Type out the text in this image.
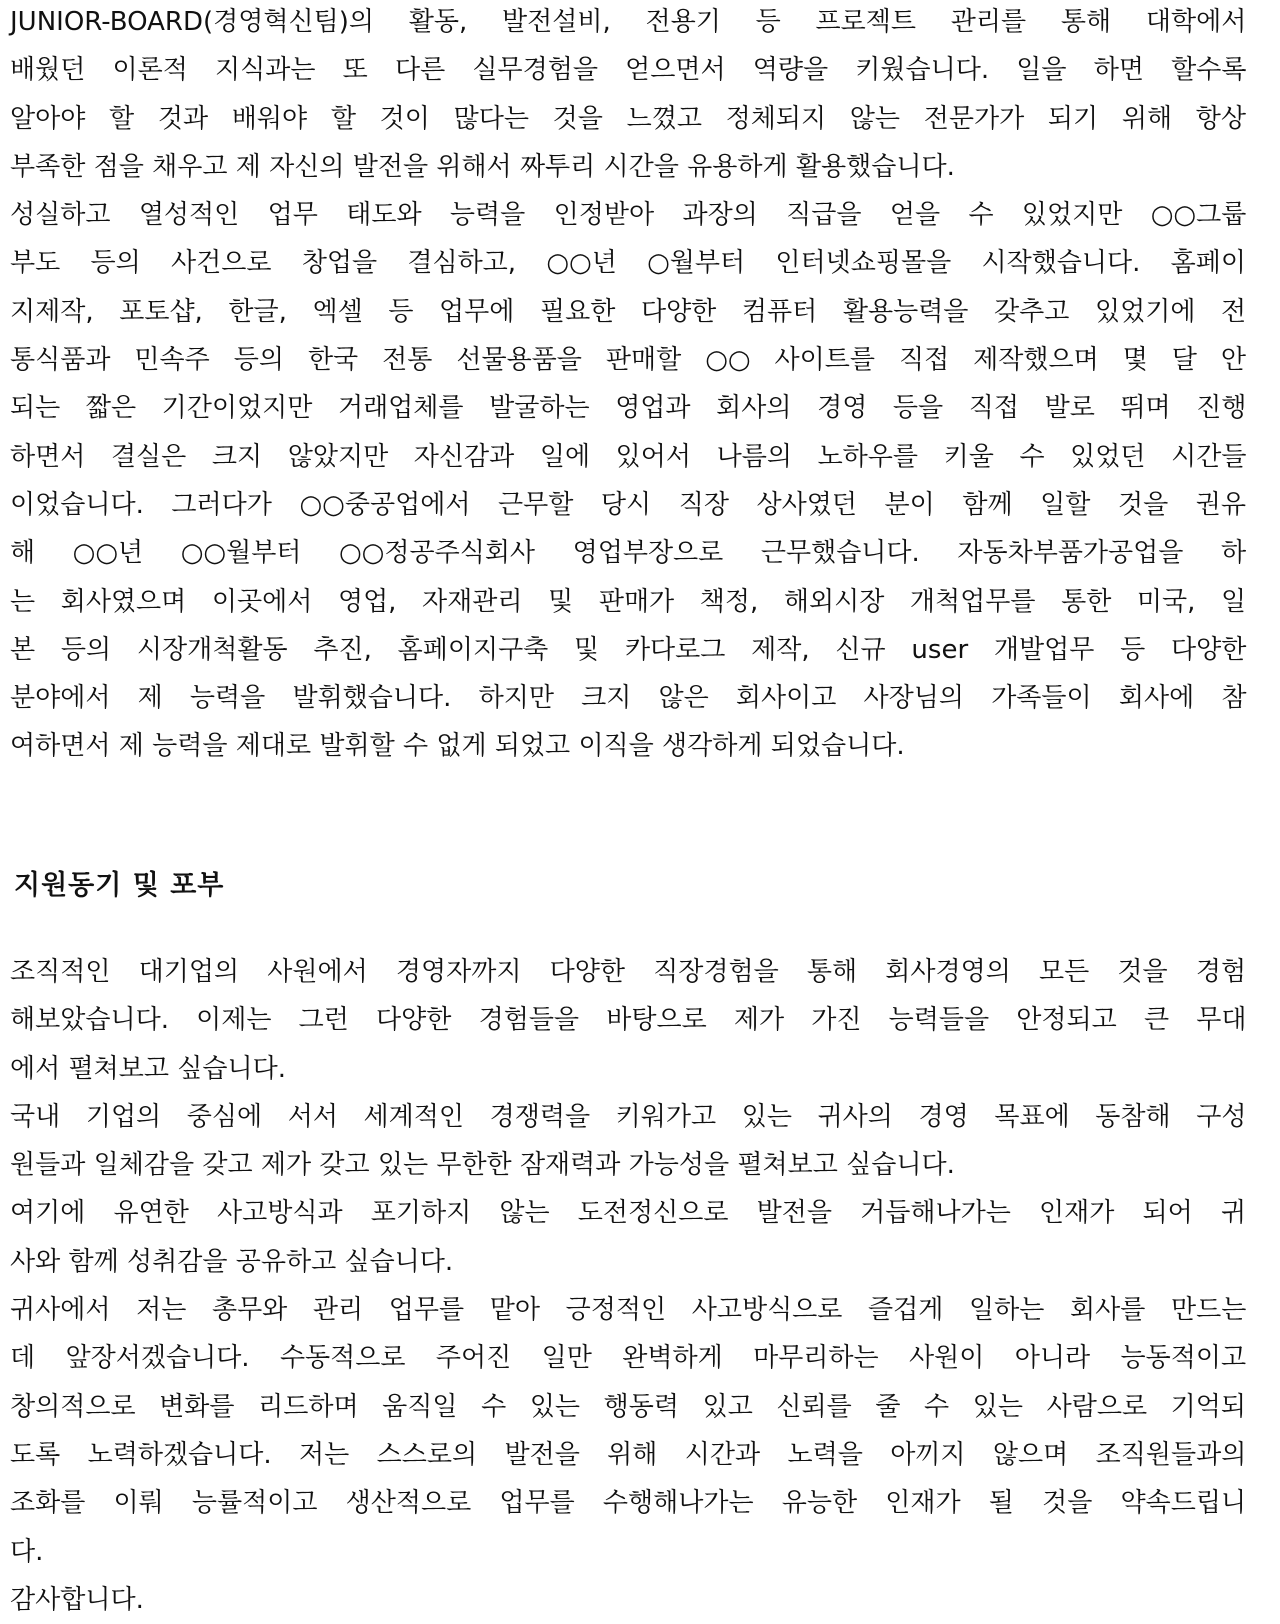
JUNIOR-BOARD(경영혁신팀)의 활동, 발전설비, 전용기 등 프로젝트 관리를 통해 대학에서
배웠던 이론적 지식과는 또 다른 실무경험을 얻으면서 역량을 키웠습니다. 일을 하면 할수록
알아야 할 것과 배워야 할 것이 많다는 것을 느꼈고 정체되지 않는 전문가가 되기 위해 항상
부족한 점을 채우고 제 자신의 발전을 위해서 짜투리 시간을 유용하게 활용했습니다.
성실하고 열성적인 업무 태도와 능력을 인정받아 과장의 직급을 얻을 수 있었지만 ○○그룹
부도 등의 사건으로 창업을 결심하고, ○○년 ○월부터 인터넷쇼핑몰을 시작했습니다. 홈페이
지제작, 포토샵, 한글, 엑셀 등 업무에 필요한 다양한 컴퓨터 활용능력을 갖추고 있었기에 전
통식품과 민속주 등의 한국 전통 선물용품을 판매할 ○○ 사이트를 직접 제작했으며 몇 달 안
되는 짧은 기간이었지만 거래업체를 발굴하는 영업과 회사의 경영 등을 직접 발로 뛰며 진행
하면서 결실은 크지 않았지만 자신감과 일에 있어서 나름의 노하우를 키울 수 있었던 시간들
이었습니다. 그러다가 ○○중공업에서 근무할 당시 직장 상사였던 분이 함께 일할 것을 권유
해 ○○년 ○○월부터 ○○정공주식회사 영업부장으로 근무했습니다. 자동차부품가공업을 하
는 회사였으며 이곳에서 영업, 자재관리 및 판매가 책정, 해외시장 개척업무를 통한 미국, 일
본 등의 시장개척활동 추진, 홈페이지구축 및 카다로그 제작, 신규 user 개발업무 등 다양한
분야에서 제 능력을 발휘했습니다. 하지만 크지 않은 회사이고 사장님의 가족들이 회사에 참
여하면서 제 능력을 제대로 발휘할 수 없게 되었고 이직을 생각하게 되었습니다.
지원동기 및 포부
조직적인 대기업의 사원에서 경영자까지 다양한 직장경험을 통해 회사경영의 모든 것을 경험
해보았습니다. 이제는 그런 다양한 경험들을 바탕으로 제가 가진 능력들을 안정되고 큰 무대
에서 펼쳐보고 싶습니다.
국내 기업의 중심에 서서 세계적인 경쟁력을 키워가고 있는 귀사의 경영 목표에 동참해 구성
원들과 일체감을 갖고 제가 갖고 있는 무한한 잠재력과 가능성을 펼쳐보고 싶습니다.
여기에 유연한 사고방식과 포기하지 않는 도전정신으로 발전을 거듭해나가는 인재가 되어 귀
사와 함께 성취감을 공유하고 싶습니다.
귀사에서 저는 총무와 관리 업무를 맡아 긍정적인 사고방식으로 즐겁게 일하는 회사를 만드는
데 앞장서겠습니다. 수동적으로 주어진 일만 완벽하게 마무리하는 사원이 아니라 능동적이고
창의적으로 변화를 리드하며 움직일 수 있는 행동력 있고 신뢰를 줄 수 있는 사람으로 기억되
도록 노력하겠습니다. 저는 스스로의 발전을 위해 시간과 노력을 아끼지 않으며 조직원들과의
조화를 이뤄 능률적이고 생산적으로 업무를 수행해나가는 유능한 인재가 될 것을 약속드립니
다.
감사합니다.
